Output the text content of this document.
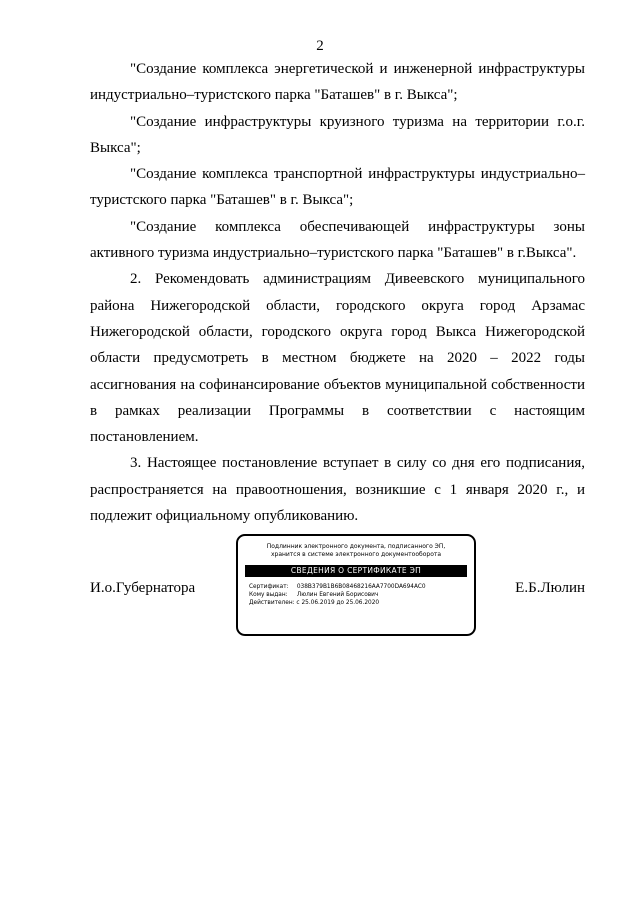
2

"Создание комплекса энергетической и инженерной инфраструктуры индустриально–туристского парка "Баташев" в г. Выкса";

"Создание инфраструктуры круизного туризма на территории г.о.г. Выкса";

"Создание комплекса транспортной инфраструктуры индустриально–туристского парка "Баташев" в г. Выкса";

"Создание комплекса обеспечивающей инфраструктуры зоны активного туризма индустриально–туристского парка "Баташев" в г.Выкса".

2. Рекомендовать администрациям Дивеевского муниципального района Нижегородской области, городского округа город Арзамас Нижегородской области, городского округа город Выкса Нижегородской области предусмотреть в местном бюджете на 2020 – 2022 годы ассигнования на софинансирование объектов муниципальной собственности в рамках реализации Программы в соответствии с настоящим постановлением.

3. Настоящее постановление вступает в силу со дня его подписания, распространяется на правоотношения, возникшие с 1 января 2020 г., и подлежит официальному опубликованию.

И.о.Губернатора
Подлинник электронного документа, подписанного ЭП,
хранится в системе электронного документооборота
СВЕДЕНИЯ О СЕРТИФИКАТЕ ЭП
Сертификат: 038B379B1B6B08468216AA7700DA694AC0
Кому выдан: Люлин Евгений Борисович
Действителен: с 25.06.2019 до 25.06.2020
Е.Б.Люлин
